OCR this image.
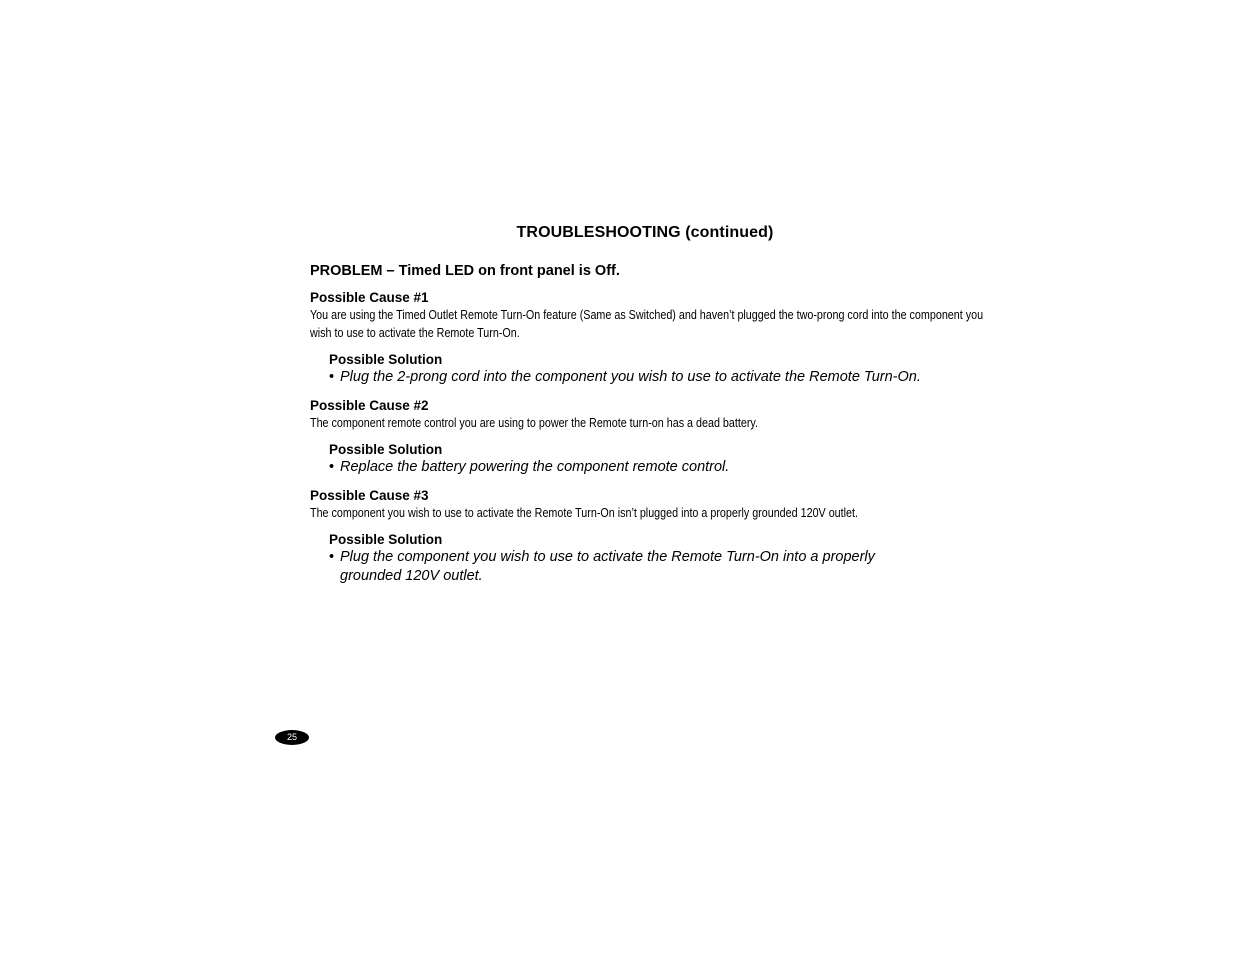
TROUBLESHOOTING (continued)
PROBLEM – Timed LED on front panel is Off.
Possible Cause #1
You are using the Timed Outlet Remote Turn-On feature (Same as Switched) and haven’t plugged the two-prong cord into the component you wish to use to activate the Remote Turn-On.
Possible Solution
• Plug the 2-prong cord into the component you wish to use to activate the Remote Turn-On.
Possible Cause #2
The component remote control you are using to power the Remote turn-on has a dead battery.
Possible Solution
• Replace the battery powering the component remote control.
Possible Cause #3
The component you wish to use to activate the Remote Turn-On isn’t plugged into a properly grounded 120V outlet.
Possible Solution
• Plug the component you wish to use to activate the Remote Turn-On into a properly grounded 120V outlet.
25
